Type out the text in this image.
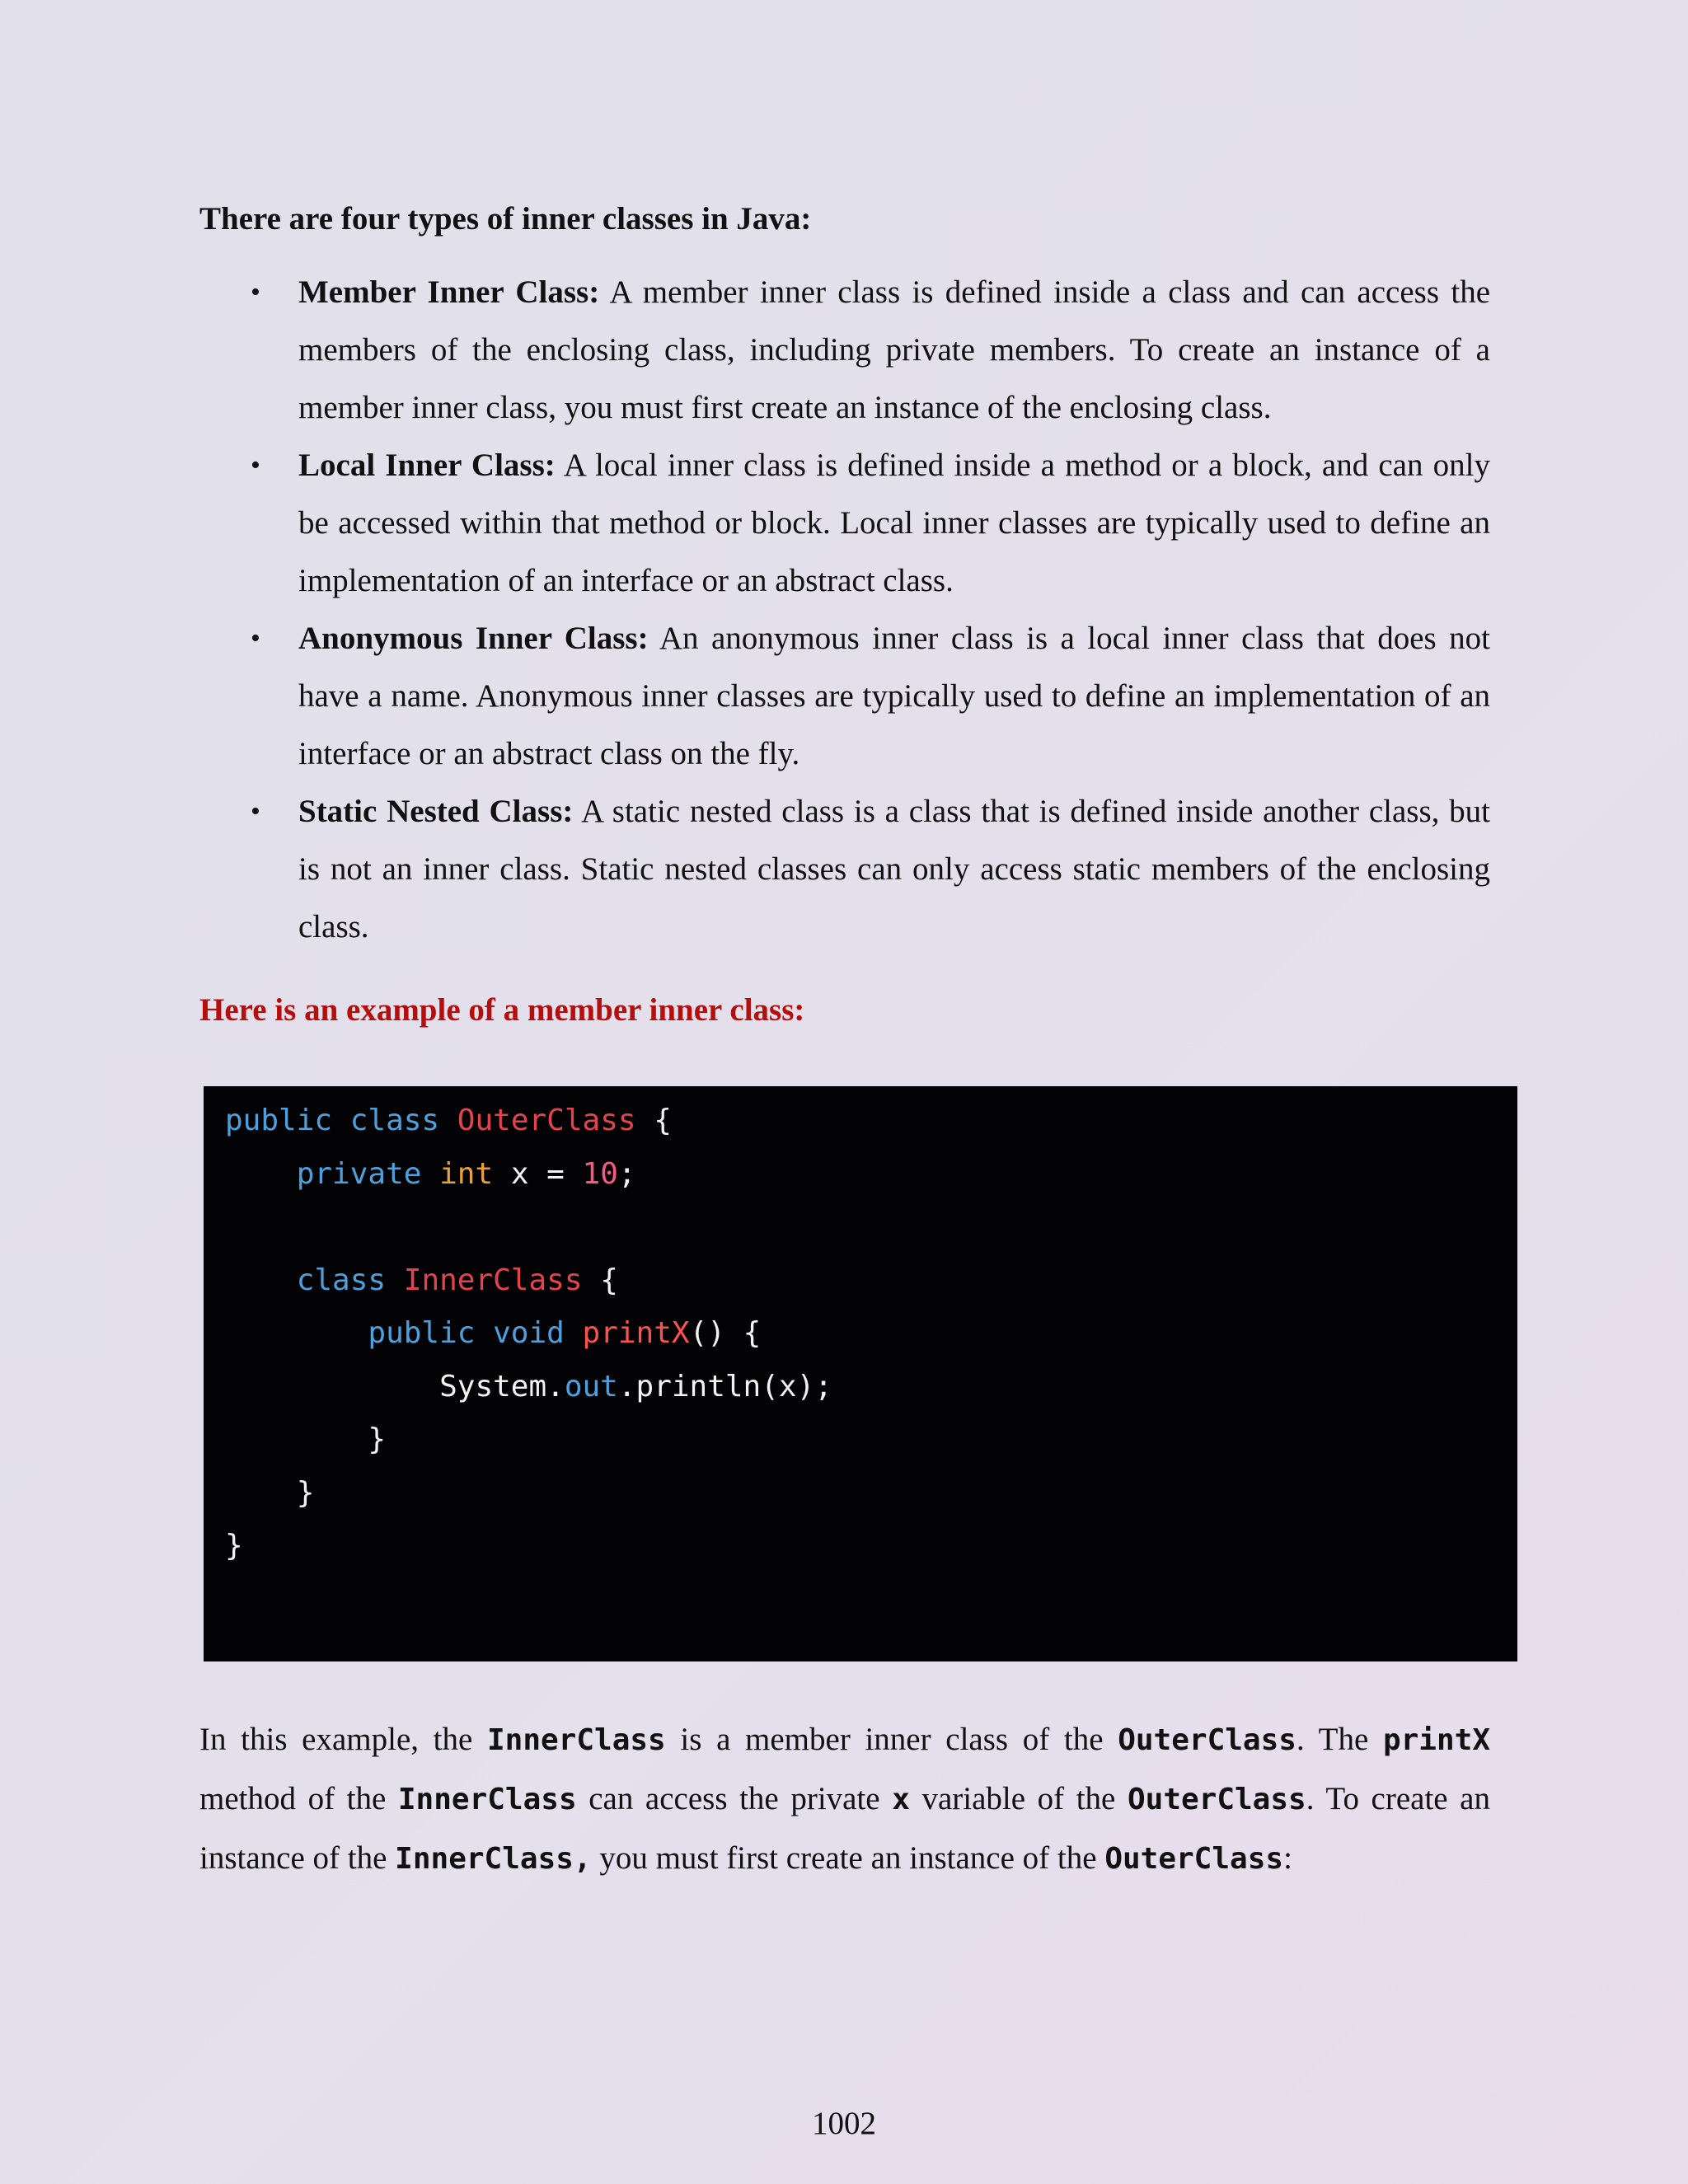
There are four types of inner classes in Java:
• Member Inner Class: A member inner class is defined inside a class and can access the members of the enclosing class, including private members. To create an instance of a member inner class, you must first create an instance of the enclosing class.
• Local Inner Class: A local inner class is defined inside a method or a block, and can only be accessed within that method or block. Local inner classes are typically used to define an implementation of an interface or an abstract class.
• Anonymous Inner Class: An anonymous inner class is a local inner class that does not have a name. Anonymous inner classes are typically used to define an implementation of an interface or an abstract class on the fly.
• Static Nested Class: A static nested class is a class that is defined inside another class, but is not an inner class. Static nested classes can only access static members of the enclosing class.
Here is an example of a member inner class:
public class OuterClass {
private int x = 10;
class InnerClass {
public void printX() {
System.out.println(x);
}
}
}
In this example, the InnerClass is a member inner class of the OuterClass. The printX method of the InnerClass can access the private x variable of the OuterClass. To create an instance of the InnerClass, you must first create an instance of the OuterClass:
1002
